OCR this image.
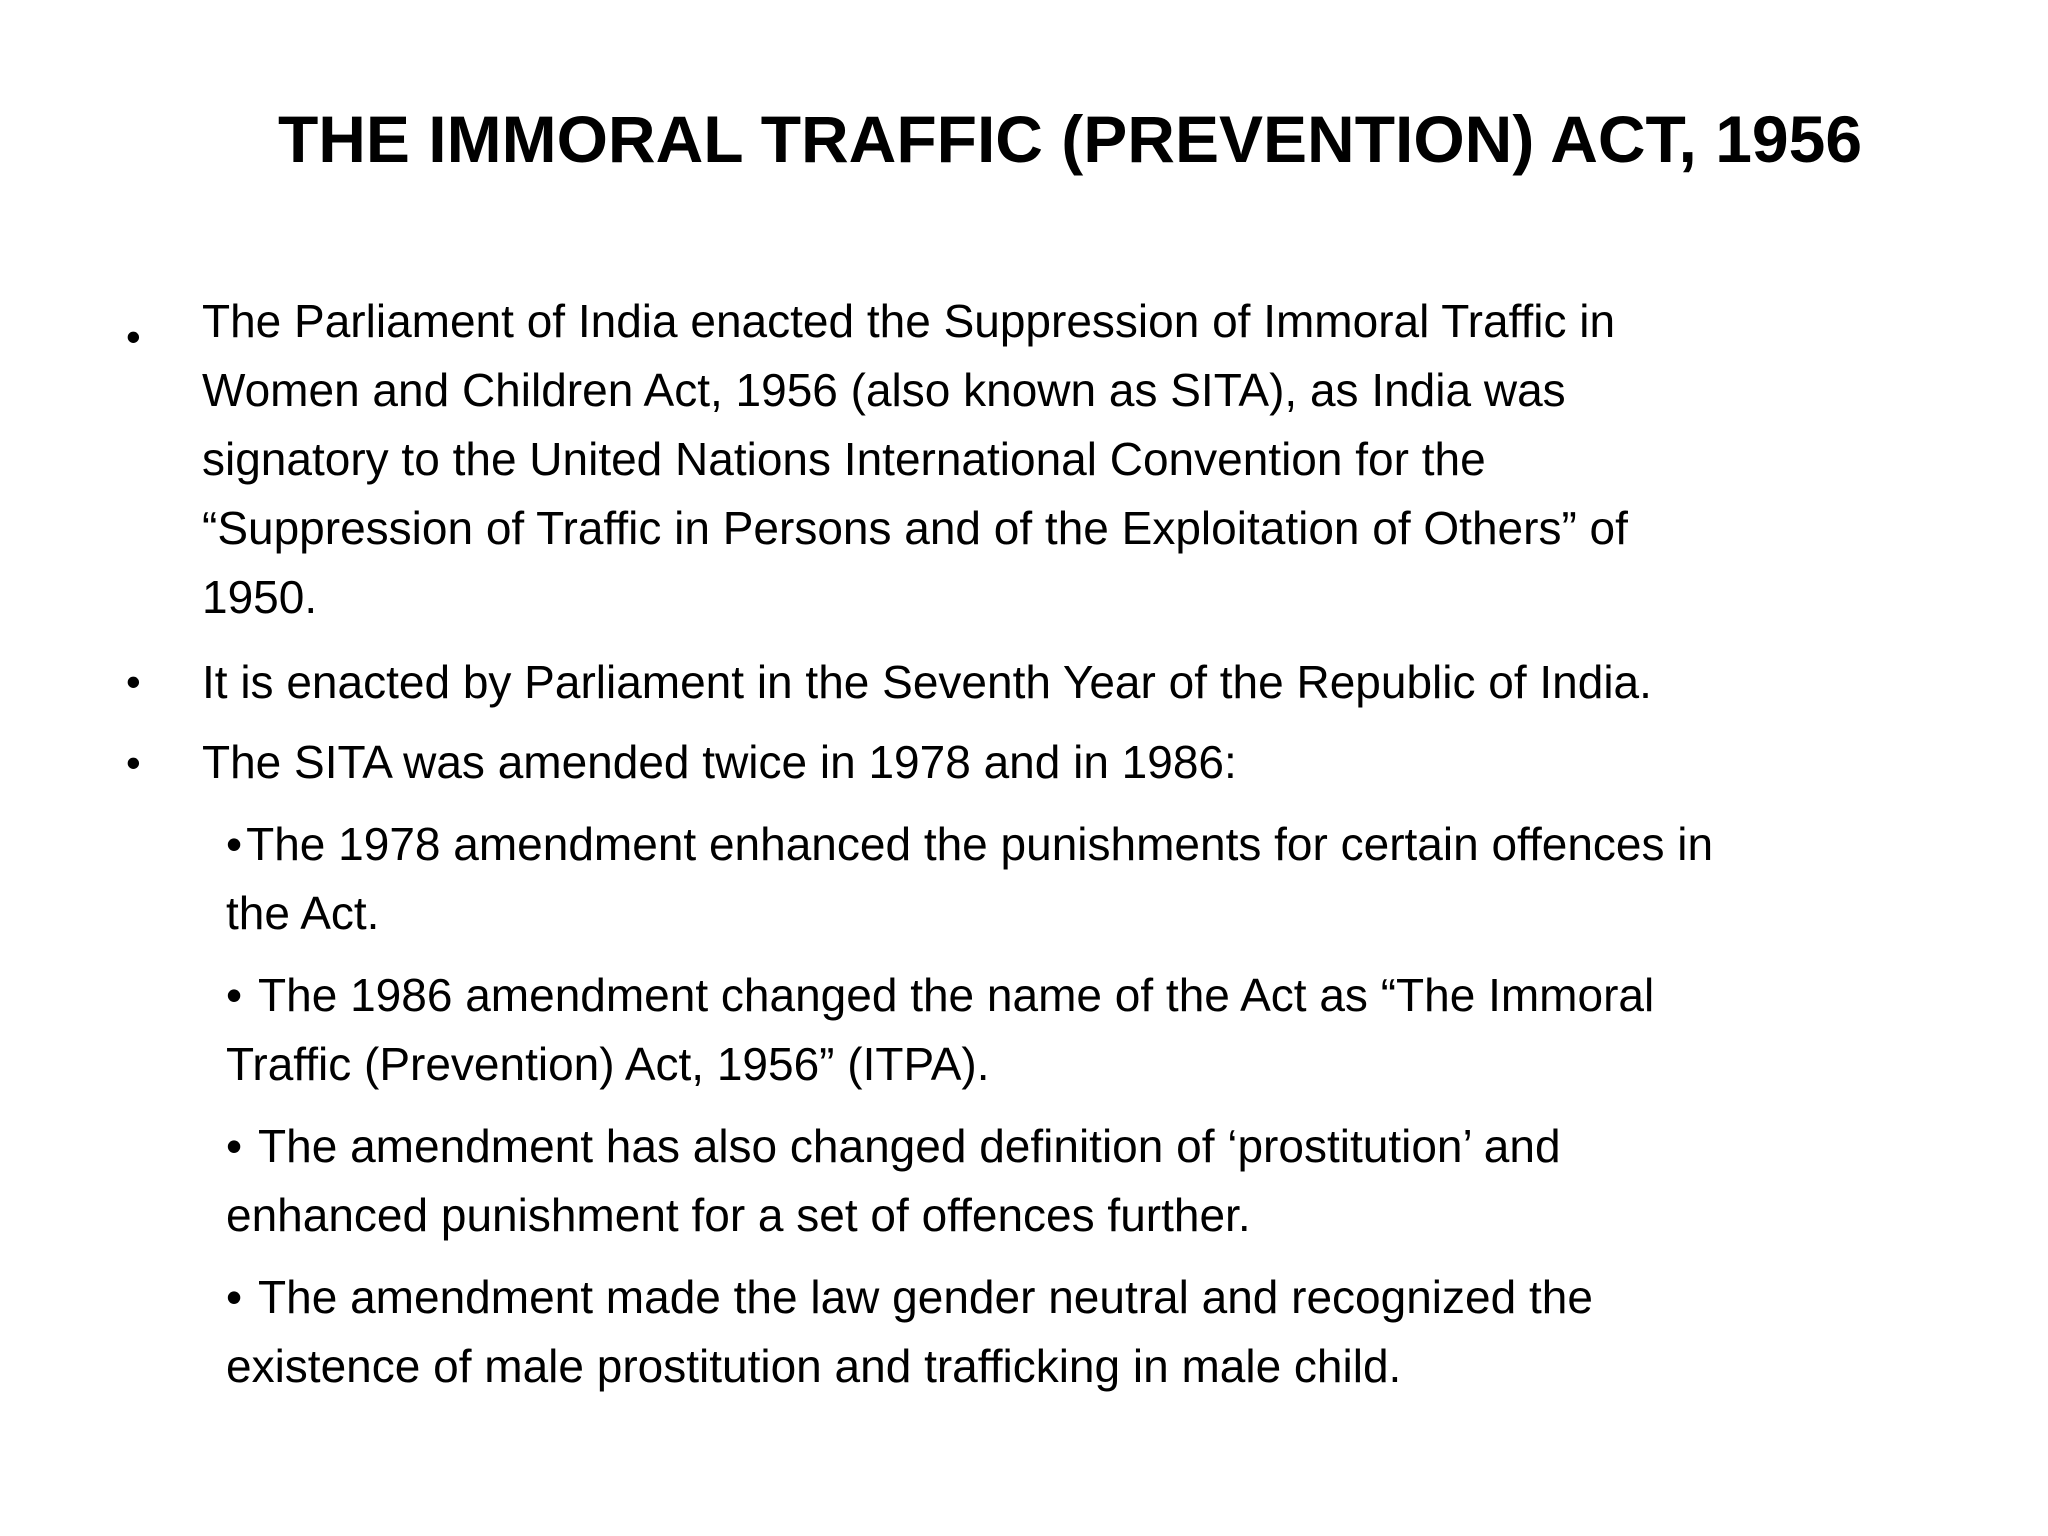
THE IMMORAL TRAFFIC (PREVENTION) ACT, 1956
• The Parliament of India enacted the Suppression of Immoral Traffic in
Women and Children Act, 1956 (also known as SITA), as India was
signatory to the United Nations International Convention for the
“Suppression of Traffic in Persons and of the Exploitation of Others” of
1950.
• It is enacted by Parliament in the Seventh Year of the Republic of India.
• The SITA was amended twice in 1978 and in 1986:
•The 1978 amendment enhanced the punishments for certain offences in
the Act.
• The 1986 amendment changed the name of the Act as “The Immoral
Traffic (Prevention) Act, 1956” (ITPA).
• The amendment has also changed definition of ‘prostitution’ and
enhanced punishment for a set of offences further.
• The amendment made the law gender neutral and recognized the
existence of male prostitution and trafficking in male child.
